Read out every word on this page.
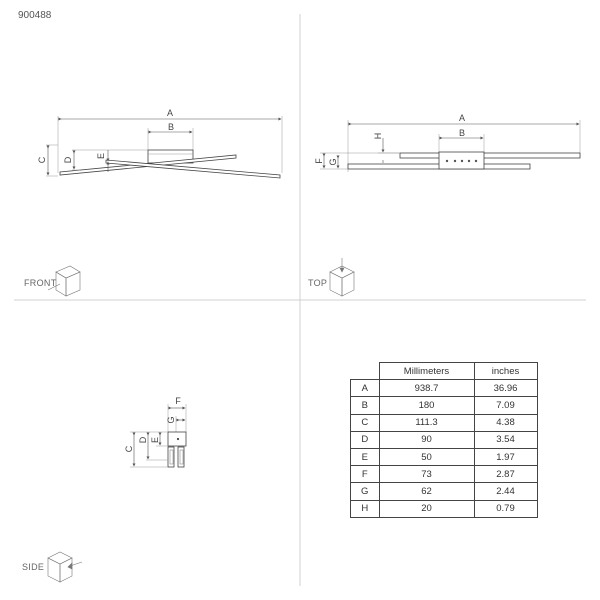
900488
A
B
C D
E
A
B
H
F G
F
G
C
D E
FRONT	TOP
SIDE
	Millimeters	inches
A	938.7	36.96
B	180	7.09
C	111.3	4.38
D	90	3.54
E	50	1.97
F	73	2.87
G	62	2.44
H	20	0.79
